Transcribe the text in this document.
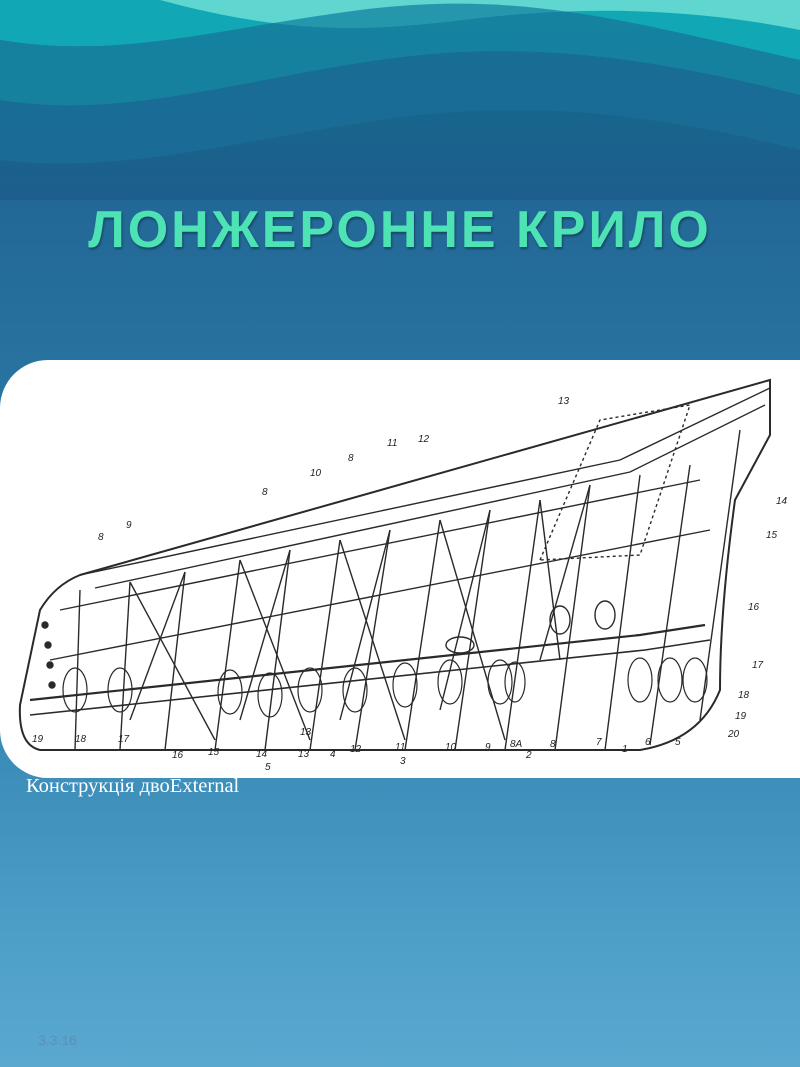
ЛОНЖЕРОННЕ КРИЛО
19	18	17
16 15	14	13 4 12	11
3
10	9 8A
2
8	7
1
6 5
20
19
18
17
16
15
14
13
12
11
8
10
8
9
8
13
5
Конструкція двоExternal
3.3.16
